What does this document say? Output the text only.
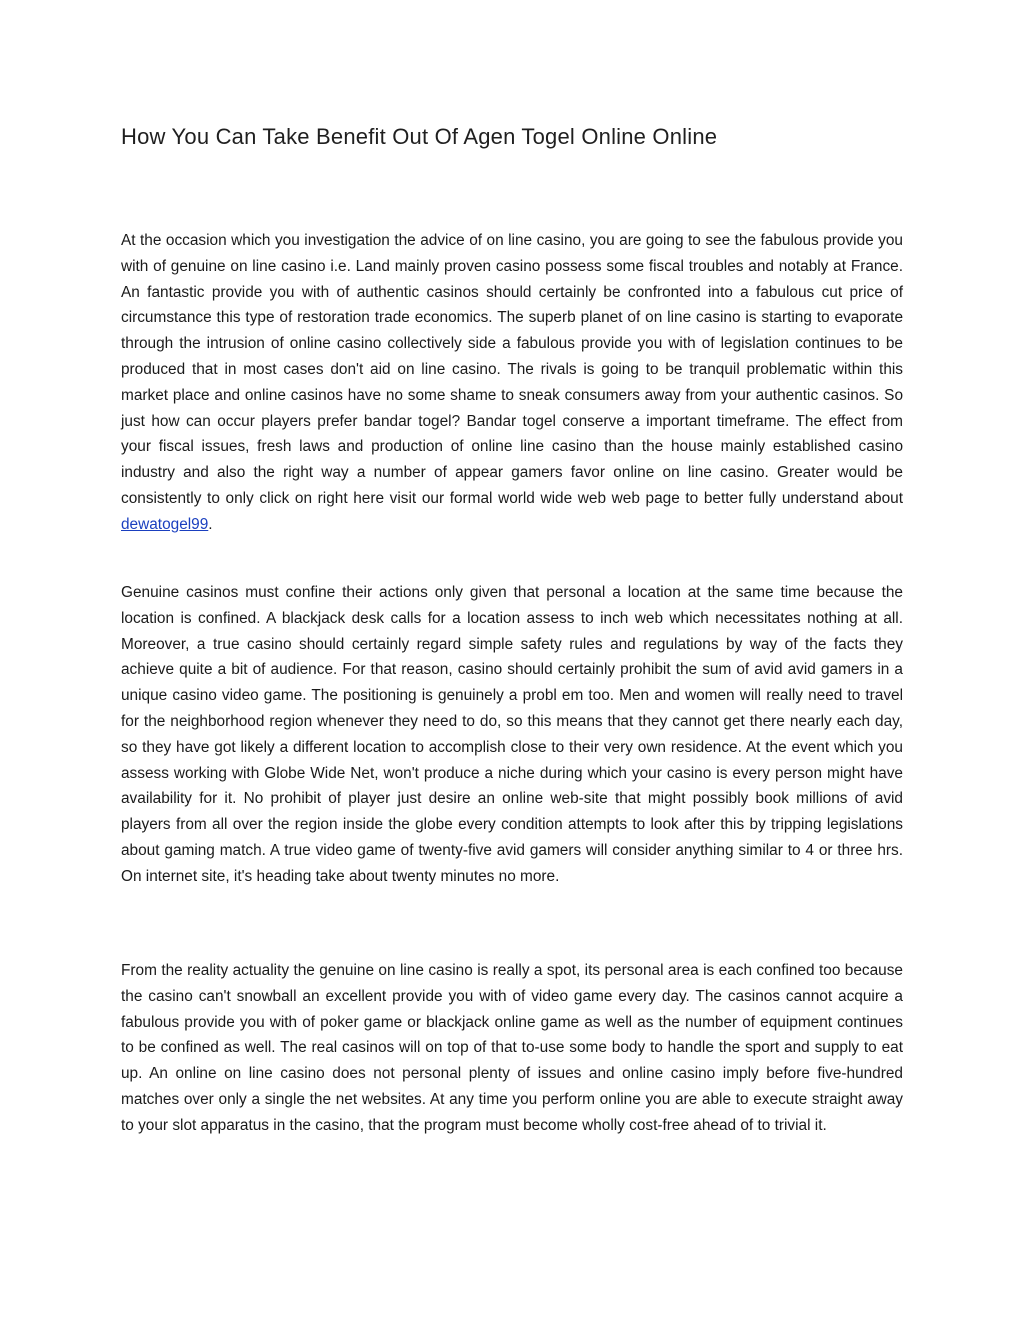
How You Can Take Benefit Out Of Agen Togel Online Online

At the occasion which you investigation the advice of on line casino, you are going to see the fabulous provide you with of genuine on line casino i.e. Land mainly proven casino possess some fiscal troubles and notably at France. An fantastic provide you with of authentic casinos should certainly be confronted into a fabulous cut price of circumstance this type of restoration trade economics. The superb planet of on line casino is starting to evaporate through the intrusion of online casino collectively side a fabulous provide you with of legislation continues to be produced that in most cases don't aid on line casino. The rivals is going to be tranquil problematic within this market place and online casinos have no some shame to sneak consumers away from your authentic casinos. So just how can occur players prefer bandar togel? Bandar togel conserve a important timeframe. The effect from your fiscal issues, fresh laws and production of online line casino than the house mainly established casino industry and also the right way a number of appear gamers favor online on line casino. Greater would be consistently to only click on right here visit our formal world wide web web page to better fully understand about dewatogel99.

Genuine casinos must confine their actions only given that personal a location at the same time because the location is confined. A blackjack desk calls for a location assess to inch web which necessitates nothing at all. Moreover, a true casino should certainly regard simple safety rules and regulations by way of the facts they achieve quite a bit of audience. For that reason, casino should certainly prohibit the sum of avid avid gamers in a unique casino video game. The positioning is genuinely a probl em too. Men and women will really need to travel for the neighborhood region whenever they need to do, so this means that they cannot get there nearly each day, so they have got likely a different location to accomplish close to their very own residence. At the event which you assess working with Globe Wide Net, won't produce a niche during which your casino is every person might have availability for it. No prohibit of player just desire an online web-site that might possibly book millions of avid players from all over the region inside the globe every condition attempts to look after this by tripping legislations about gaming match. A true video game of twenty-five avid gamers will consider anything similar to 4 or three hrs. On internet site, it's heading take about twenty minutes no more.

From the reality actuality the genuine on line casino is really a spot, its personal area is each confined too because the casino can't snowball an excellent provide you with of video game every day. The casinos cannot acquire a fabulous provide you with of poker game or blackjack online game as well as the number of equipment continues to be confined as well. The real casinos will on top of that to-use some body to handle the sport and supply to eat up. An online on line casino does not personal plenty of issues and online casino imply before five-hundred matches over only a single the net websites. At any time you perform online you are able to execute straight away to your slot apparatus in the casino, that the program must become wholly cost-free ahead of to trivial it.
